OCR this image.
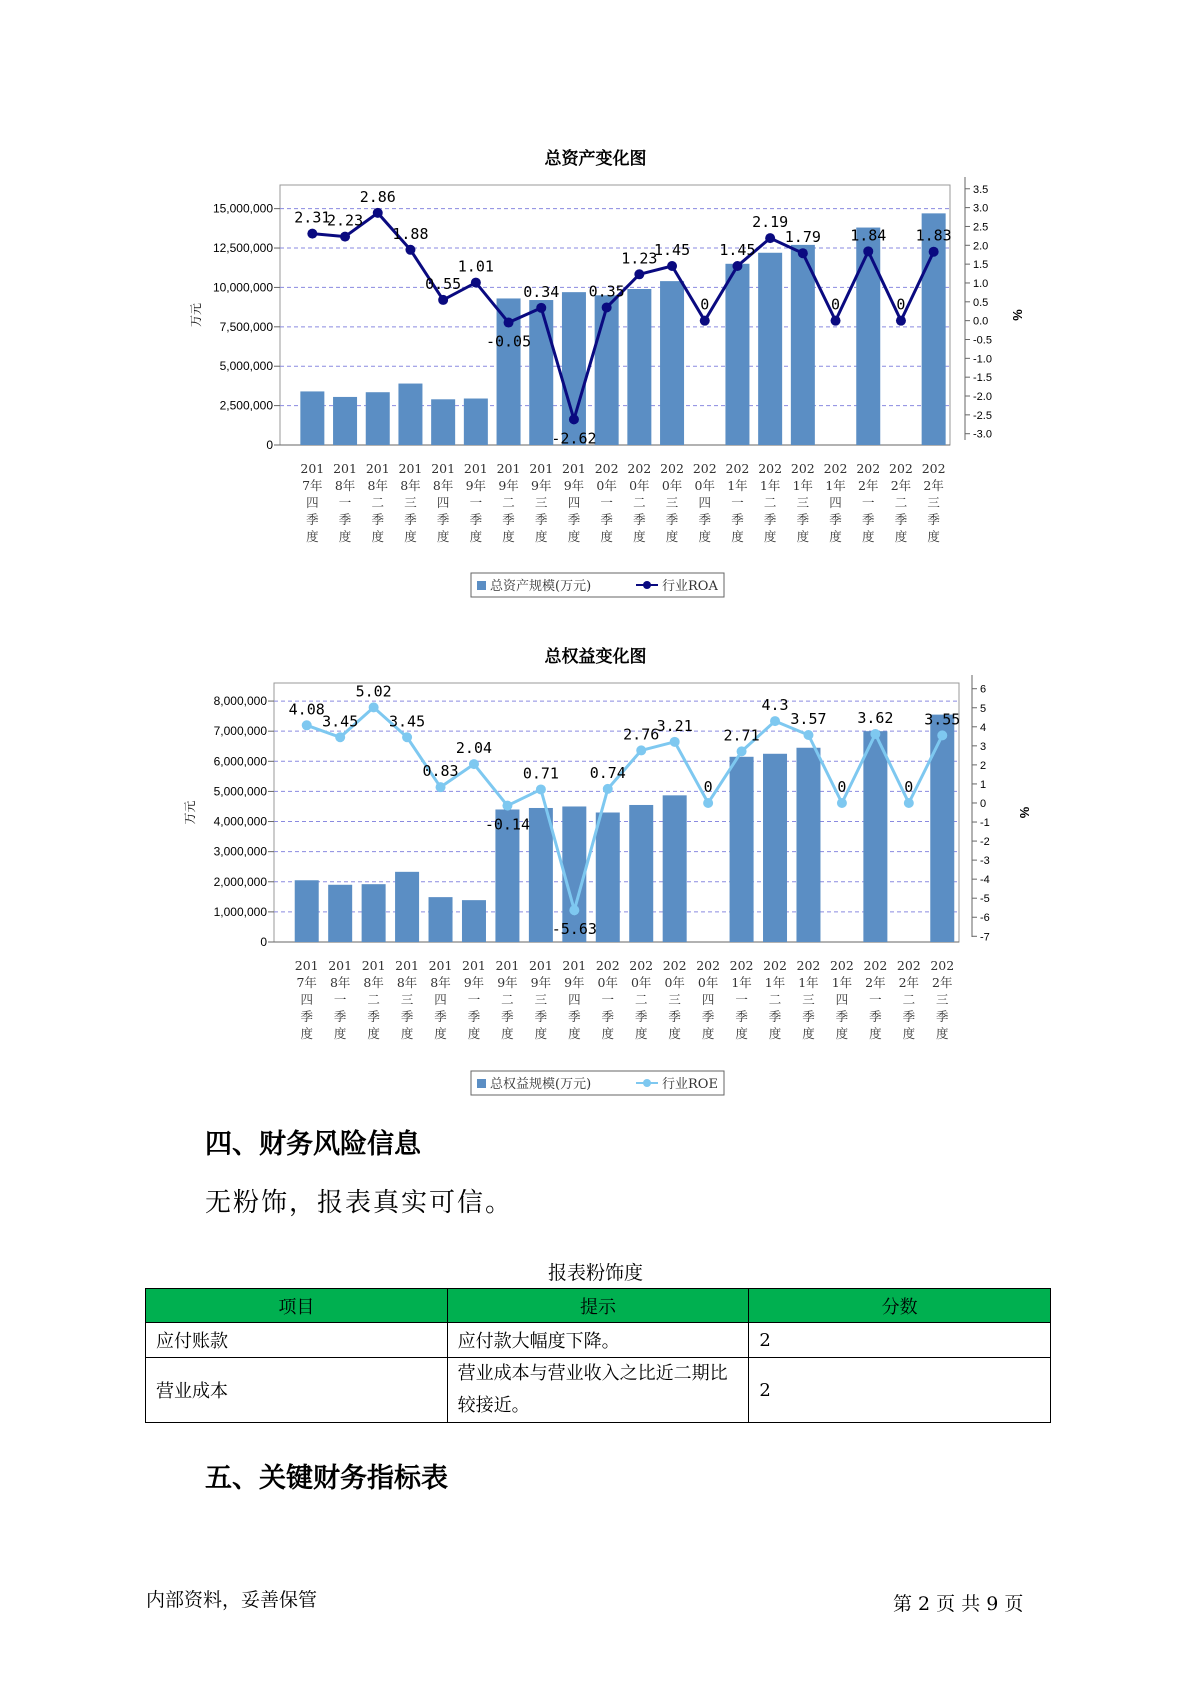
总资产变化图
0
2,500,000
5,000,000
7,500,000
10,000,000
12,500,000
15,000,000
万元
3.5
3.0
2.5
2.0
1.5
1.0
0.5
0.0
-0.5
-1.0
-1.5
-2.0
-2.5
-3.0
%
201
7年
四
季
度
201
8年
一
季
度
201
8年
二
季
度
201
8年
三
季
度
201
8年
四
季
度
201
9年
一
季
度
201
9年
二
季
度
201
9年
三
季
度
201
9年
四
季
度
202
0年
一
季
度
202
0年
二
季
度
202
0年
三
季
度
202
0年
四
季
度
202
1年
一
季
度
202
1年
二
季
度
202
1年
三
季
度
202
1年
四
季
度
202
2年
一
季
度
202
2年
二
季
度
202
2年
三
季
度
2.31
2.23
2.86
1.88
0.55
1.01
-0.05
0.34
-2.62
0.35
1.23
1.45
0
1.45
2.19
1.79
0
1.84
0
1.83
总资产规模(万元)	行业ROA
总权益变化图
0
1,000,000
2,000,000
3,000,000
4,000,000
5,000,000
6,000,000
7,000,000
8,000,000
万元
6
5
4
3
2
1
0
-1
-2
-3
-4
-5
-6
-7
%
201
7年
四
季
度
201
8年
一
季
度
201
8年
二
季
度
201
8年
三
季
度
201
8年
四
季
度
201
9年
一
季
度
201
9年
二
季
度
201
9年
三
季
度
201
9年
四
季
度
202
0年
一
季
度
202
0年
二
季
度
202
0年
三
季
度
202
0年
四
季
度
202
1年
一
季
度
202
1年
二
季
度
202
1年
三
季
度
202
1年
四
季
度
202
2年
一
季
度
202
2年
二
季
度
202
2年
三
季
度
4.08
3.45
5.02
3.45
0.83
2.04
-0.14
0.71
-5.63
0.74
2.76
3.21
0
2.71
4.3
3.57
0
3.62
0
3.55
总权益规模(万元)	行业ROE
四、财务风险信息
无粉饰，报表真实可信。
报表粉饰度
项目	提示	分数
应付账款	应付款大幅度下降。	2
营业成本	营业成本与营业收入之比近二期比较接近。	2
五、关键财务指标表
内部资料，妥善保管	第 2 页 共 9 页
